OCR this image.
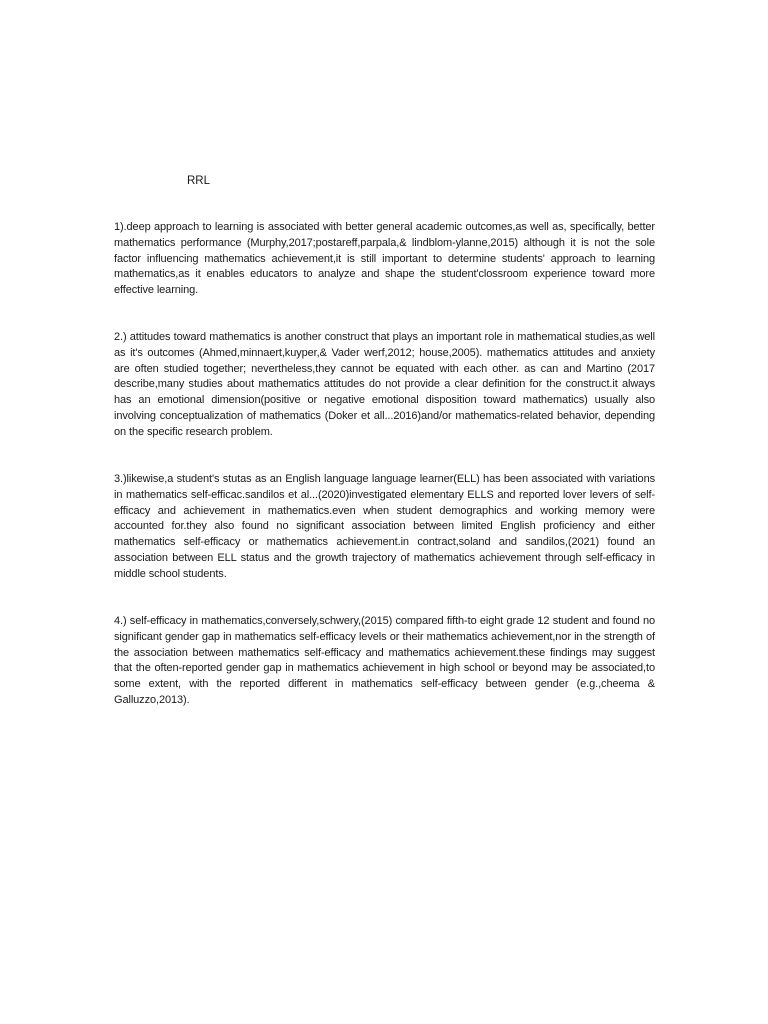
RRL

1).deep approach to learning is associated with better general academic outcomes,as well as, specifically, better mathematics performance (Murphy,2017;postareff,parpala,& lindblom-ylanne,2015) although it is not the sole factor influencing mathematics achievement,it is still important to determine students' approach to learning mathematics,as it enables educators to analyze and shape the student'clossroom experience toward more effective learning.

2.) attitudes toward mathematics is another construct that plays an important role in mathematical studies,as well as it's outcomes (Ahmed,minnaert,kuyper,& Vader werf,2012; house,2005). mathematics attitudes and anxiety are often studied together; nevertheless,they cannot be equated with each other. as can and Martino (2017 describe,many studies about mathematics attitudes do not provide a clear definition for the construct.it always has an emotional dimension(positive or negative emotional disposition toward mathematics) usually also involving conceptualization of mathematics (Doker et all...2016)and/or mathematics-related behavior, depending on the specific research problem.

3.)likewise,a student's stutas as an English language language learner(ELL) has been associated with variations in mathematics self-efficac.sandilos et al...(2020)investigated elementary ELLS and reported lover levers of self-efficacy and achievement in mathematics.even when student demographics and working memory were accounted for.they also found no significant association between limited English proficiency and either mathematics self-efficacy or mathematics achievement.in contract,soland and sandilos,(2021) found an association between ELL status and the growth trajectory of mathematics achievement through self-efficacy in middle school students.

4.) self-efficacy in mathematics,conversely,schwery,(2015) compared fifth-to eight grade 12 student and found no significant gender gap in mathematics self-efficacy levels or their mathematics achievement,nor in the strength of the association between mathematics self-efficacy and mathematics achievement.these findings may suggest that the often-reported gender gap in mathematics achievement in high school or beyond may be associated,to some extent, with the reported different in mathematics self-efficacy between gender (e.g.,cheema & Galluzzo,2013).
